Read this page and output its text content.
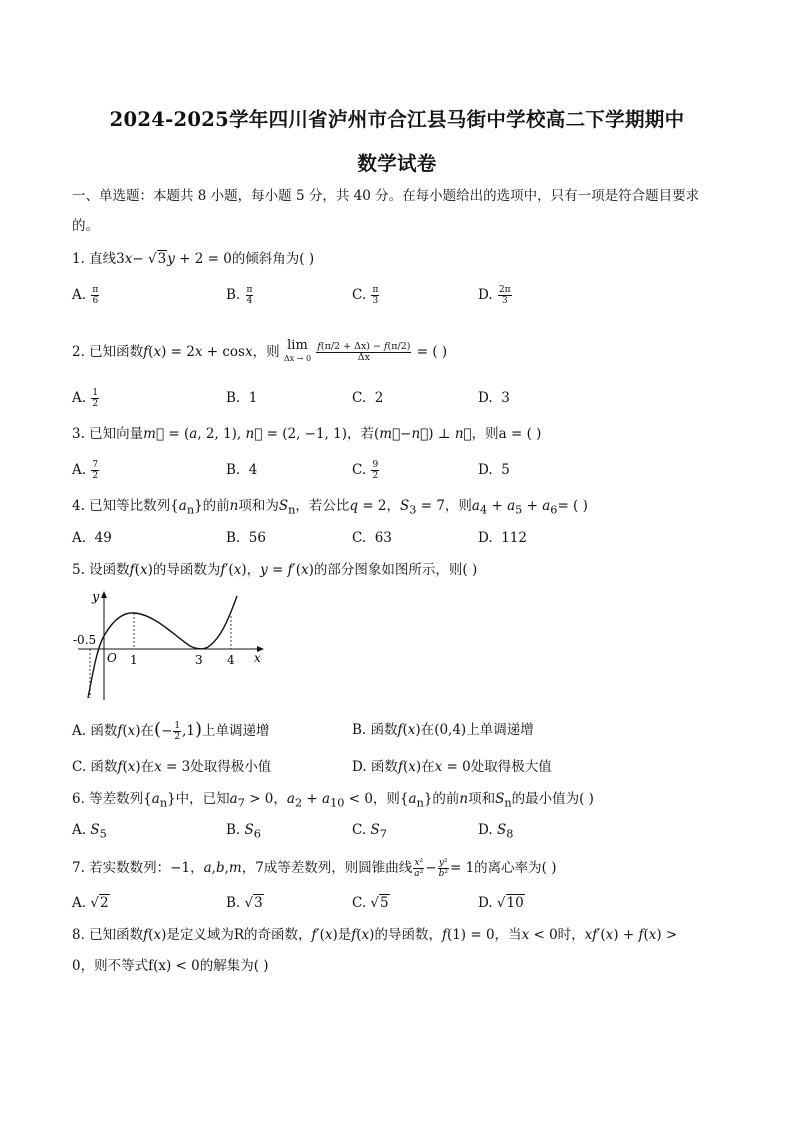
2024-2025学年四川省泸州市合江县马街中学校高二下学期期中
数学试卷
一、单选题：本题共 8 小题，每小题 5 分，共 40 分。在每小题给出的选项中，只有一项是符合题目要求
的。
1. 直线3x− √3y + 2 = 0的倾斜角为( )
A. $\frac{\pi}{6}$	B. $\frac{\pi}{4}$	C. $\frac{\pi}{3}$	D. $\frac{2\pi}{3}$
2. 已知函数f(x) = 2x + cosx，则 lim
$\Delta x \to 0 \frac{f(\pi/2 + \Delta x) - f(\pi/2)}{\Delta x}$ = ( )
A. $\frac{1}{2}$	B.  1	C.  2	D.  3
3. 已知向量m⃗ = (a, 2, 1), n⃗ = (2, −1, 1)，若(m⃗−n⃗) ⊥ n⃗，则a = ( )
A. $\frac{7}{2}$	B.  4	C. $\frac{9}{2}$	D.  5
4. 已知等比数列$\{a_n\}$的前n项和为$S_n$，若公比q = 2，$S_3 = 7$，则$a_4 + a_5 + a_6=$ ( )
A.  49	B.  56	C.  63	D.  112
5. 设函数f(x)的导函数为f′(x)，y = f′(x)的部分图象如图所示，则( )
y
-0.5
O 1	3 4 x
A. 函数f(x)在(− $\frac{1}{2} ,1$)上单调递增	B. 函数f(x)在(0,4)上单调递增
C. 函数f(x)在x = 3处取得极小值	D. 函数f(x)在x = 0处取得极大值
6. 等差数列$\{a_n\}$中，已知$a_7 > 0$，$a_2 + a_{10} < 0$，则$\{a_n\}$的前n项和$S_n$的最小值为( )
A. $S_5$	B. $S_6$	C. $S_7$	D. $S_8$
7. 若实数数列：−1，a,b,m，7成等差数列，则圆锥曲线 $\frac{\text{x²}}{\text{a²}} - \frac{\text{y²}}{\text{b²}} = 1$的离心率为( )
A. √2	B. √3	C. √5	D. √10
8. 已知函数f(x)是定义域为R的奇函数，f′(x)是f(x)的导函数，f(1) = 0，当x < 0时，xf′(x) + f(x) >
0，则不等式f(x) < 0的解集为( )
